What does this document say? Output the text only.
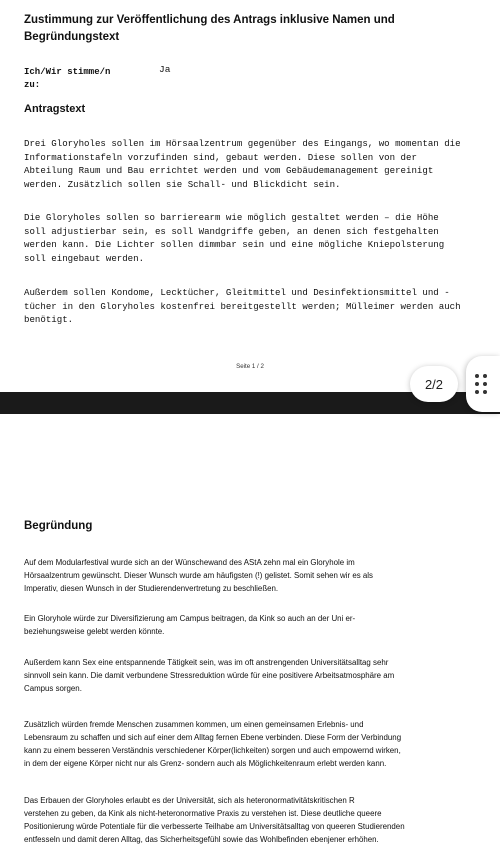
Zustimmung zur Veröffentlichung des Antrags inklusive Namen und
Begründungstext
Ich/Wir stimme/n
zu:
Ja
Antragstext
Drei Gloryholes sollen im Hörsaalzentrum gegenüber des Eingangs, wo momentan die
Informationstafeln vorzufinden sind, gebaut werden. Diese sollen von der
Abteilung Raum und Bau errichtet werden und vom Gebäudemanagement gereinigt
werden. Zusätzlich sollen sie Schall- und Blickdicht sein.
Die Gloryholes sollen so barrierearm wie möglich gestaltet werden – die Höhe
soll adjustierbar sein, es soll Wandgriffe geben, an denen sich festgehalten
werden kann. Die Lichter sollen dimmbar sein und eine mögliche Kniepolsterung
soll eingebaut werden.
Außerdem sollen Kondome, Lecktücher, Gleitmittel und Desinfektionsmittel und -
tücher in den Gloryholes kostenfrei bereitgestellt werden; Mülleimer werden auch
benötigt.
Seite 1 / 2
Begründung
Auf dem Modularfestival wurde sich an der Wünschewand des AStA zehn mal ein Gloryhole im
Hörsaalzentrum gewünscht. Dieser Wunsch wurde am häufigsten (!) gelistet. Somit sehen wir es als
Imperativ, diesen Wunsch in der Studierendenvertretung zu beschließen.
Ein Gloryhole würde zur Diversifizierung am Campus beitragen, da Kink so auch an der Uni er-
beziehungsweise gelebt werden könnte.
Außerdem kann Sex eine entspannende Tätigkeit sein, was im oft anstrengenden Universitätsalltag sehr
sinnvoll sein kann. Die damit verbundene Stressreduktion würde für eine positivere Arbeitsatmosphäre am
Campus sorgen.
Zusätzlich würden fremde Menschen zusammen kommen, um einen gemeinsamen Erlebnis- und
Lebensraum zu schaffen und sich auf einer dem Alltag fernen Ebene verbinden. Diese Form der Verbindung
kann zu einem besseren Verständnis verschiedener Körper(lichkeiten) sorgen und auch empowernd wirken,
in dem der eigene Körper nicht nur als Grenz- sondern auch als Möglichkeitenraum erlebt werden kann.
Das Erbauen der Gloryholes erlaubt es der Universität, sich als heteronormativitätskritischen R
verstehen zu geben, da Kink als nicht-heteronormative Praxis zu verstehen ist. Diese deutliche queere
Positionierung würde Potentiale für die verbesserte Teilhabe am Universitätsalltag von queeren Studierenden
entfesseln und damit deren Alltag, das Sicherheitsgefühl sowie das Wohlbefinden ebenjener erhöhen.
2/2
